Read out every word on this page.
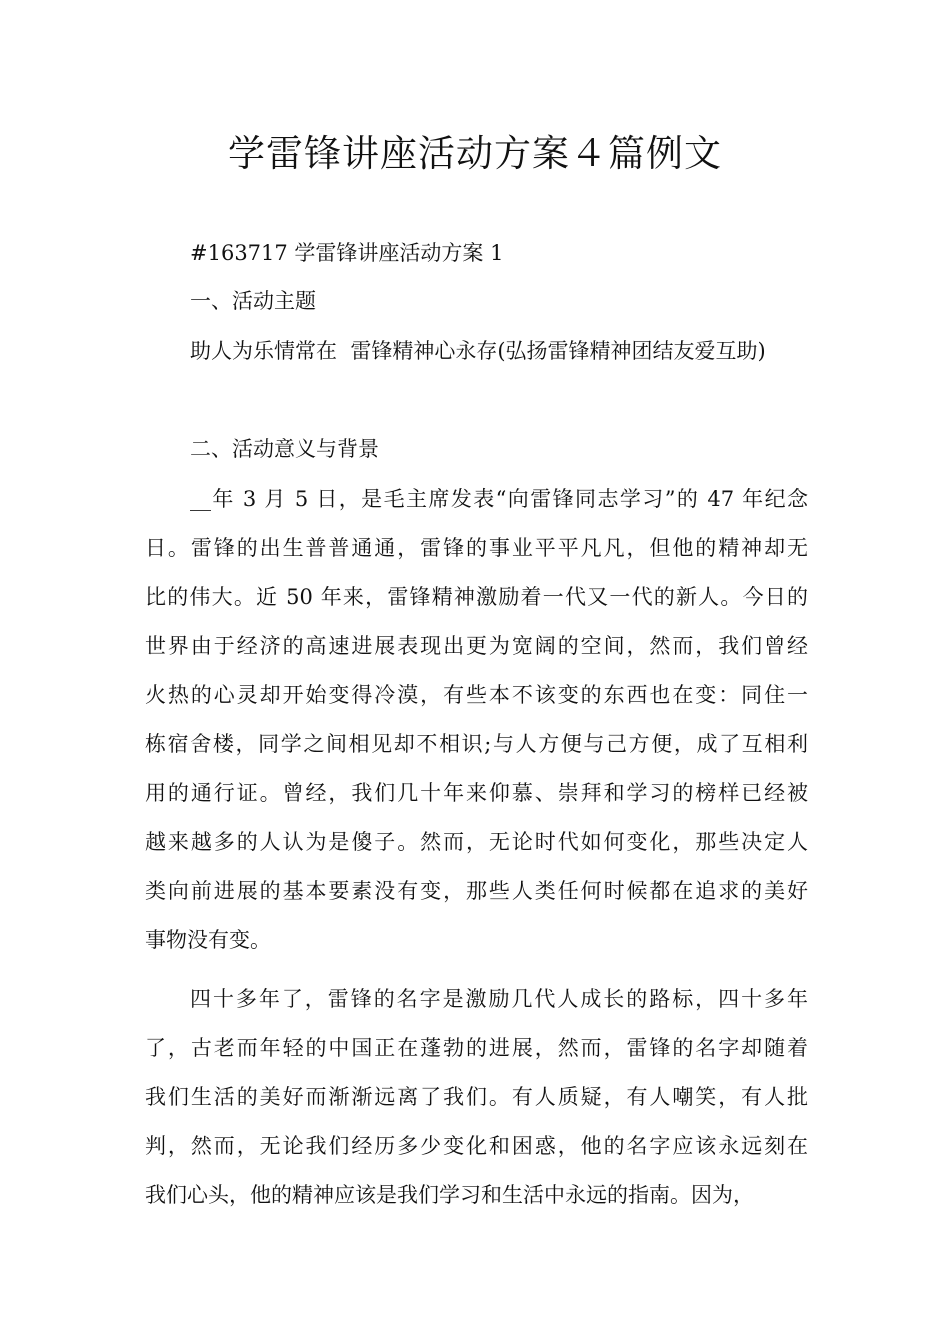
学雷锋讲座活动方案４篇例文

#163717 学雷锋讲座活动方案 1

一、活动主题

助人为乐情常在  雷锋精神心永存(弘扬雷锋精神团结友爱互助)

二、活动意义与背景

__年 3 月 5 日，是毛主席发表“向雷锋同志学习”的 47 年纪念
日。雷锋的出生普普通通，雷锋的事业平平凡凡，但他的精神却无
比的伟大。近 50 年来，雷锋精神激励着一代又一代的新人。今日的
世界由于经济的高速进展表现出更为宽阔的空间，然而，我们曾经
火热的心灵却开始变得冷漠，有些本不该变的东西也在变：同住一
栋宿舍楼，同学之间相见却不相识;与人方便与己方便，成了互相利
用的通行证。曾经，我们几十年来仰慕、崇拜和学习的榜样已经被
越来越多的人认为是傻子。然而，无论时代如何变化，那些决定人
类向前进展的基本要素没有变，那些人类任何时候都在追求的美好
事物没有变。
四十多年了，雷锋的名字是激励几代人成长的路标，四十多年
了，古老而年轻的中国正在蓬勃的进展，然而，雷锋的名字却随着
我们生活的美好而渐渐远离了我们。有人质疑，有人嘲笑，有人批
判，然而，无论我们经历多少变化和困惑，他的名字应该永远刻在
我们心头，他的精神应该是我们学习和生活中永远的指南。因为，
